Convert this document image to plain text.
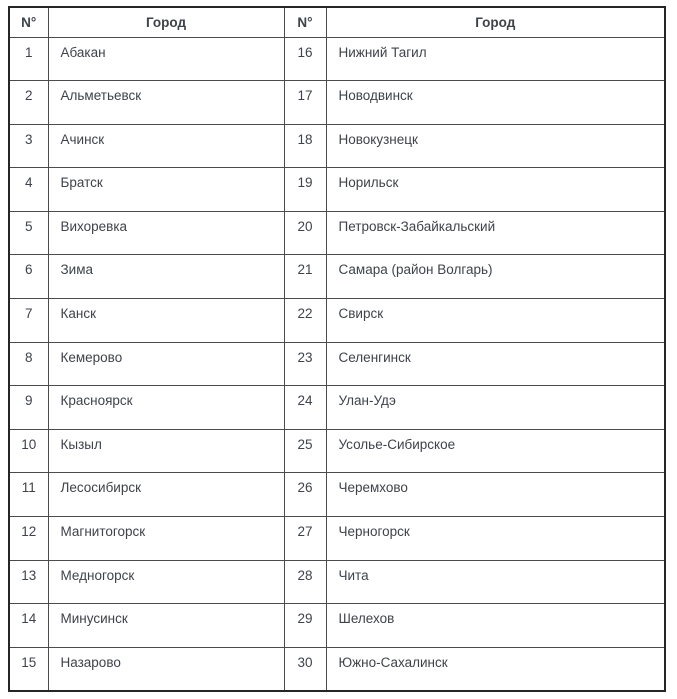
N°	Город	N°	Город
1	Абакан	16	Нижний Тагил
2	Альметьевск	17	Новодвинск
3	Ачинск	18	Новокузнецк
4	Братск	19	Норильск
5	Вихоревка	20	Петровск-Забайкальский
6	Зима	21	Самара (район Волгарь)
7	Канск	22	Свирск
8	Кемерово	23	Селенгинск
9	Красноярск	24	Улан-Удэ
10	Кызыл	25	Усолье-Сибирское
11	Лесосибирск	26	Черемхово
12	Магнитогорск	27	Черногорск
13	Медногорск	28	Чита
14	Минусинск	29	Шелехов
15	Назарово	30	Южно-Сахалинск
